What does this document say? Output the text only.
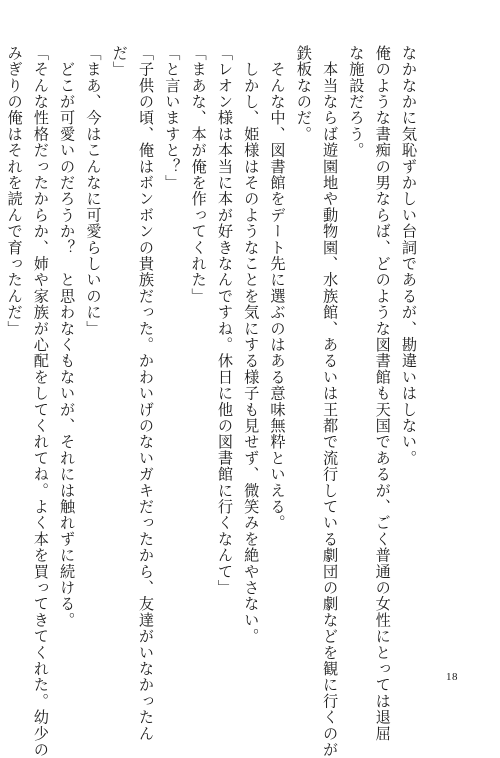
なかなかに気恥ずかしい台詞であるが、勘違いはしない。
俺のような書痴の男ならば、どのような図書館も天国であるが、ごく普通の女性にとっては退屈
な施設だろう。
　本当ならば遊園地や動物園、水族館、あるいは王都で流行している劇団の劇などを観に行くのが
鉄板なのだ。
　そんな中、図書館をデート先に選ぶのはある意味無粋といえる。
　しかし、姫様はそのようなことを気にする様子も見せず、微笑みを絶やさない。
「レオン様は本当に本が好きなんですね。休日に他の図書館に行くなんて」
「まあな、本が俺を作ってくれた」
「と言いますと？」
「子供の頃、俺はボンボンの貴族だった。かわいげのないガキだったから、友達がいなかったん
だ」
「まあ、今はこんなに可愛らしいのに」
　どこが可愛いのだろうか？　と思わなくもないが、それには触れずに続ける。
「そんな性格だったからか、姉や家族が心配をしてくれてね。よく本を買ってきてくれた。幼少の
みぎりの俺はそれを読んで育ったんだ」
18
